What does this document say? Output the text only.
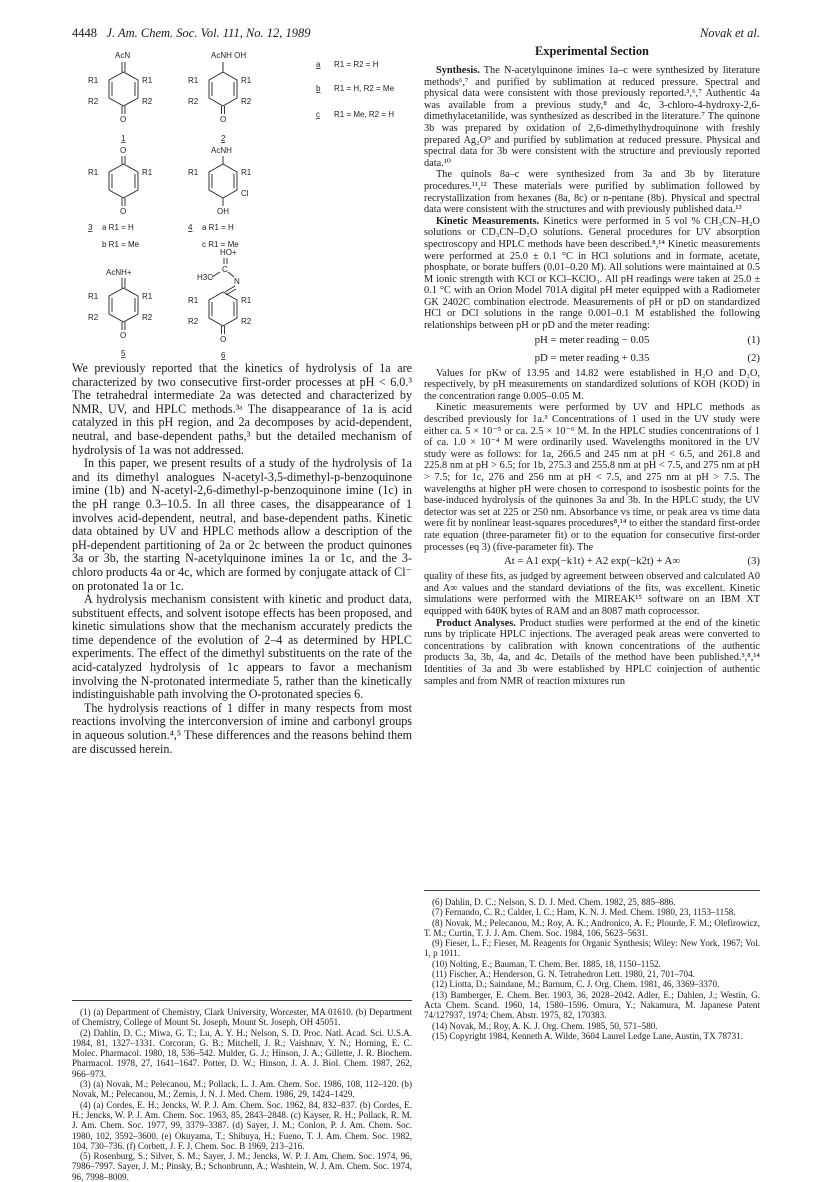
4448 J. Am. Chem. Soc. Vol. 111, No. 12, 1989	Novak et al.
AcN
R1	R1
R2	R2
O
1
AcNH OH
R1	R1
R2	R2
O
2
a R1 = R2 = H
b R1 = H, R2 = Me
c R1 = Me, R2 = H
O
R1	R1
O
3 a R1 = H
b R1 = Me
AcNH
R1	R1
Cl
OH
4 a R1 = H
c R1 = Me
AcNH+
R1	R1
R2	R2
O
5
HO+
C
H3C	N
R1	R1
R2	R2
O
6

We previously reported that the kinetics of hydrolysis of 1a are characterized by two consecutive first-order processes at pH < 6.0.³ The tetrahedral intermediate 2a was detected and characterized by NMR, UV, and HPLC methods.³ᵃ The disappearance of 1a is acid catalyzed in this pH region, and 2a decomposes by acid-dependent, neutral, and base-dependent paths,³ but the detailed mechanism of hydrolysis of 1a was not addressed.

In this paper, we present results of a study of the hydrolysis of 1a and its dimethyl analogues N-acetyl-3,5-dimethyl-p-benzoquinone imine (1b) and N-acetyl-2,6-dimethyl-p-benzoquinone imine (1c) in the pH range 0.3–10.5. In all three cases, the disappearance of 1 involves acid-dependent, neutral, and base-dependent paths. Kinetic data obtained by UV and HPLC methods allow a description of the pH-dependent partitioning of 2a or 2c between the product quinones 3a or 3b, the starting N-acetylquinone imines 1a or 1c, and the 3-chloro products 4a or 4c, which are formed by conjugate attack of Cl⁻ on protonated 1a or 1c.

A hydrolysis mechanism consistent with kinetic and product data, substituent effects, and solvent isotope effects has been proposed, and kinetic simulations show that the mechanism accurately predicts the time dependence of the evolution of 2–4 as determined by HPLC experiments. The effect of the dimethyl substituents on the rate of the acid-catalyzed hydrolysis of 1c appears to favor a mechanism involving the N-protonated intermediate 5, rather than the kinetically indistinguishable path involving the O-protonated species 6.

The hydrolysis reactions of 1 differ in many respects from most reactions involving the interconversion of imine and carbonyl groups in aqueous solution.⁴,⁵ These differences and the reasons behind them are discussed herein.

(1) (a) Department of Chemistry, Clark University, Worcester, MA 01610. (b) Department of Chemistry, College of Mount St. Joseph, Mount St. Joseph, OH 45051.

(2) Dahlin, D. C.; Miwa, G. T.; Lu, A. Y. H.; Nelson, S. D. Proc. Natl. Acad. Sci. U.S.A. 1984, 81, 1327–1331. Corcoran, G. B.; Mitchell, J. R.; Vaishnav, Y. N.; Horning, E. C. Molec. Pharmacol. 1980, 18, 536–542. Mulder, G. J.; Hinson, J. A.; Gillette, J. R. Biochem. Pharmacol. 1978, 27, 1641–1647. Potter, D. W.; Hinson, J. A. J. Biol. Chem. 1987, 262, 966–973.

(3) (a) Novak, M.; Pelecanou, M.; Pollack, L. J. Am. Chem. Soc. 1986, 108, 112–120. (b) Novak, M.; Pelecanou, M.; Zemis, J. N. J. Med. Chem. 1986, 29, 1424–1429.

(4) (a) Cordes, E. H.; Jencks, W. P. J. Am. Chem. Soc. 1962, 84, 832–837. (b) Cordes, E. H.; Jencks, W. P. J. Am. Chem. Soc. 1963, 85, 2843–2848. (c) Kayser, R. H.; Pollack, R. M. J. Am. Chem. Soc. 1977, 99, 3379–3387. (d) Sayer, J. M.; Conlon, P. J. Am. Chem. Soc. 1980, 102, 3592–3600. (e) Okuyama, T.; Shibuya, H.; Fueno, T. J. Am. Chem. Soc. 1982, 104, 730–736. (f) Corbett, J. F. J. Chem. Soc. B 1969, 213–216.

(5) Rosenburg, S.; Silver, S. M.; Sayer, J. M.; Jencks, W. P. J. Am. Chem. Soc. 1974, 96, 7986–7997. Sayer, J. M.; Pinsky, B.; Schonbrunn, A.; Washtein, W. J. Am. Chem. Soc. 1974, 96, 7998–8009.

Experimental Section

Synthesis. The N-acetylquinone imines 1a–c were synthesized by literature methods⁶,⁷ and purified by sublimation at reduced pressure. Spectral and physical data were consistent with those previously reported.³,⁶,⁷ Authentic 4a was available from a previous study,⁸ and 4c, 3-chloro-4-hydroxy-2,6-dimethylacetanilide, was synthesized as described in the literature.⁷ The quinone 3b was prepared by oxidation of 2,6-dimethylhydroquinone with freshly prepared Ag₂O⁹ and purified by sublimation at reduced pressure. Physical and spectral data for 3b were consistent with the structure and previously reported data.¹⁰

The quinols 8a–c were synthesized from 3a and 3b by literature procedures.¹¹,¹² These materials were purified by sublimation followed by recrystallization from hexanes (8a, 8c) or n-pentane (8b). Physical and spectral data were consistent with the structures and with previously published data.¹³

Kinetic Measurements. Kinetics were performed in 5 vol % CH₃CN–H₂O solutions or CD₃CN–D₂O solutions. General procedures for UV absorption spectroscopy and HPLC methods have been described.⁸,¹⁴ Kinetic measurements were performed at 25.0 ± 0.1 °C in HCl solutions and in formate, acetate, phosphate, or borate buffers (0.01–0.20 M). All solutions were maintained at 0.5 M ionic strength with KCl or KCl–KClO₃. All pH readings were taken at 25.0 ± 0.1 °C with an Orion Model 701A digital pH meter equipped with a Radiometer GK 2402C combination electrode. Measurements of pH or pD on standardized HCl or DCl solutions in the range 0.001–0.1 M established the following relationships between pH or pD and the meter reading:

pH = meter reading − 0.05	(1)
pD = meter reading + 0.35	(2)

Values for pKw of 13.95 and 14.82 were established in H₂O and D₂O, respectively, by pH measurements on standardized solutions of KOH (KOD) in the concentration range 0.005–0.05 M.

Kinetic measurements were performed by UV and HPLC methods as described previously for 1a.³ Concentrations of 1 used in the UV study were either ca. 5 × 10⁻⁵ or ca. 2.5 × 10⁻⁶ M. In the HPLC studies concentrations of 1 of ca. 1.0 × 10⁻⁴ M were ordinarily used. Wavelengths monitored in the UV study were as follows: for 1a, 266.5 and 245 nm at pH < 6.5, and 261.8 and 225.8 nm at pH > 6.5; for 1b, 275.3 and 255.8 nm at pH < 7.5, and 275 nm at pH > 7.5; for 1c, 276 and 256 nm at pH < 7.5, and 275 nm at pH > 7.5. The wavelengths at higher pH were chosen to correspond to isosbestic points for the base-induced hydrolysis of the quinones 3a and 3b. In the HPLC study, the UV detector was set at 225 or 250 nm. Absorbance vs time, or peak area vs time data were fit by nonlinear least-squares procedures⁸,¹⁴ to either the standard first-order rate equation (three-parameter fit) or to the equation for consecutive first-order processes (eq 3) (five-parameter fit). The

At = A1 exp(−k1t) + A2 exp(−k2t) + A∞	(3)

quality of these fits, as judged by agreement between observed and calculated A0 and A∞ values and the standard deviations of the fits, was excellent. Kinetic simulations were performed with the MIREAK¹⁵ software on an IBM XT equipped with 640K bytes of RAM and an 8087 math coprocessor.

Product Analyses. Product studies were performed at the end of the kinetic runs by triplicate HPLC injections. The averaged peak areas were converted to concentrations by calibration with known concentrations of the authentic products 3a, 3b, 4a, and 4c. Details of the method have been published.³,⁸,¹⁴ Identities of 3a and 3b were established by HPLC coinjection of authentic samples and from NMR of reaction mixtures run

(6) Dahlin, D. C.; Nelson, S. D. J. Med. Chem. 1982, 25, 885–886.

(7) Fernando, C. R.; Calder, I. C.; Ham, K. N. J. Med. Chem. 1980, 23, 1153–1158.

(8) Novak, M.; Pelecanou, M.; Roy, A. K.; Andronico, A. F.; Plourde, F. M.; Olefirowicz, T. M.; Curtin, T. J. J. Am. Chem. Soc. 1984, 106, 5623–5631.

(9) Fieser, L. F.; Fieser, M. Reagents for Organic Synthesis; Wiley: New York, 1967; Vol. 1, p 1011.

(10) Nolting, E.; Bauman, T. Chem. Ber. 1885, 18, 1150–1152.

(11) Fischer, A.; Henderson, G. N. Tetrahedron Lett. 1980, 21, 701–704.

(12) Liotta, D.; Saindane, M.; Barnum, C. J. Org. Chem. 1981, 46, 3369–3370.

(13) Bamberger, E. Chem. Ber. 1903, 36, 2028–2042. Adler, E.; Dahlen, J.; Westin, G. Acta Chem. Scand. 1960, 14, 1580–1596. Omura, Y.; Nakamura, M. Japanese Patent 74/127937, 1974; Chem. Abstr. 1975, 82, 170383.

(14) Novak, M.; Roy, A. K. J. Org. Chem. 1985, 50, 571–580.

(15) Copyright 1984, Kenneth A. Wilde, 3604 Laurel Ledge Lane, Austin, TX 78731.
